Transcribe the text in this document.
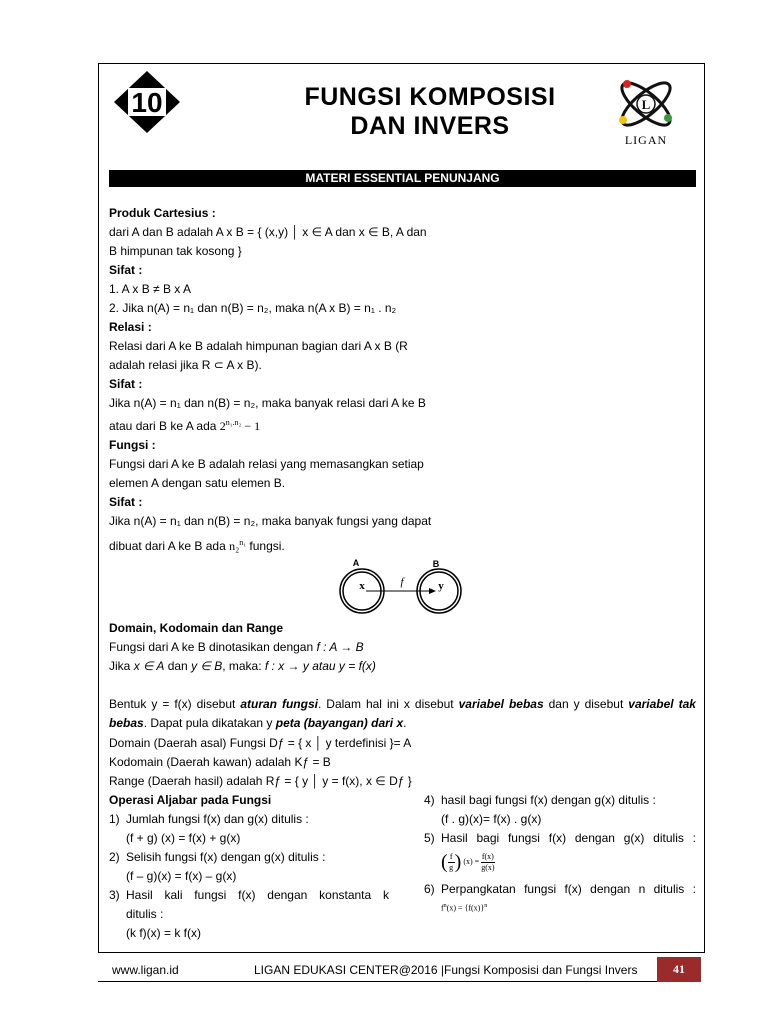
10	FUNGSI KOMPOSISI
DAN INVERS
L
LIGAN
MATERI ESSENTIAL PENUNJANG
Produk Cartesius :
dari A dan B adalah A x B = { (x,y) │ x ∈ A dan x ∈ B, A dan
B himpunan tak kosong }
Sifat :
1. A x B ≠ B x A
2. Jika n(A) = n₁ dan n(B) = n₂, maka n(A x B) = n₁ . n₂
Relasi :
Relasi dari A ke B adalah himpunan bagian dari A x B (R
adalah relasi jika R ⊂ A x B).
Sifat :
Jika n(A) = n₁ dan n(B) = n₂, maka banyak relasi dari A ke B
atau dari B ke A ada $2^{n_1.n_2} - 1$
Fungsi :
Fungsi dari A ke B adalah relasi yang memasangkan setiap
elemen A dengan satu elemen B.
Sifat :
Jika n(A) = n₁ dan n(B) = n₂, maka banyak fungsi yang dapat
dibuat dari A ke B ada n₂$^{n_1}$ fungsi.
A	B
x	y
f
Domain, Kodomain dan Range
Fungsi dari A ke B dinotasikan dengan f : A → B
Jika x ∈ A dan y ∈ B, maka: f : x → y atau y = f(x)
Bentuk y = f(x) disebut aturan fungsi. Dalam hal ini x disebut variabel bebas dan y disebut variabel tak bebas. Dapat pula dikatakan y peta (bayangan) dari x.
Domain (Daerah asal) Fungsi Dƒ = { x │ y terdefinisi }= A
Kodomain (Daerah kawan) adalah Kƒ = B
Range (Daerah hasil) adalah Rƒ = { y │ y = f(x), x ∈ Dƒ }
Operasi Aljabar pada Fungsi
1) Jumlah fungsi f(x) dan g(x) ditulis :
(f + g) (x) = f(x) + g(x)
2) Selisih fungsi f(x) dengan g(x) ditulis :
(f – g)(x) = f(x) – g(x)
3) Hasil kali fungsi f(x) dengan konstanta k
ditulis :
(k f)(x) = k f(x)
4) hasil bagi fungsi f(x) dengan g(x) ditulis :
(f . g)(x)= f(x) . g(x)
5) Hasil bagi fungsi f(x) dengan g(x) ditulis :
( f
g ) $(x) = \frac{f(x)}{g(x)}$
6) Perpangkatan fungsi f(x) dengan n ditulis :
$f^n(x) = \{f(x)\}^n$
www.ligan.id	LIGAN EDUKASI CENTER@2016 |Fungsi Komposisi dan Fungsi Invers	41
